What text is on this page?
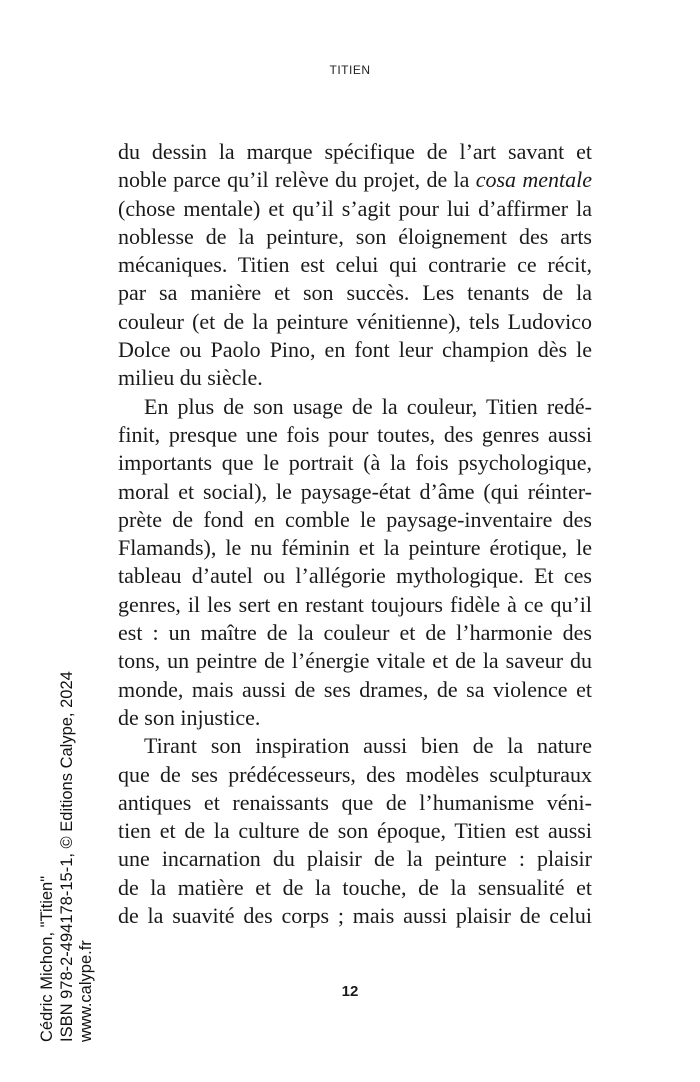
TITIEN
du dessin la marque spécifique de l’art savant et
noble parce qu’il relève du projet, de la cosa mentale
(chose mentale) et qu’il s’agit pour lui d’affirmer la
noblesse de la peinture, son éloignement des arts
mécaniques. Titien est celui qui contrarie ce récit,
par sa manière et son succès. Les tenants de la
couleur (et de la peinture vénitienne), tels Ludovico
Dolce ou Paolo Pino, en font leur champion dès le
milieu du siècle.
En plus de son usage de la couleur, Titien redé-
finit, presque une fois pour toutes, des genres aussi
importants que le portrait (à la fois psychologique,
moral et social), le paysage-état d’âme (qui réinter-
prète de fond en comble le paysage-inventaire des
Flamands), le nu féminin et la peinture érotique, le
tableau d’autel ou l’allégorie mythologique. Et ces
genres, il les sert en restant toujours fidèle à ce qu’il
est : un maître de la couleur et de l’harmonie des
tons, un peintre de l’énergie vitale et de la saveur du
monde, mais aussi de ses drames, de sa violence et
de son injustice.
Tirant son inspiration aussi bien de la nature
que de ses prédécesseurs, des modèles sculpturaux
antiques et renaissants que de l’humanisme véni-
tien et de la culture de son époque, Titien est aussi
une incarnation du plaisir de la peinture : plaisir
de la matière et de la touche, de la sensualité et
de la suavité des corps ; mais aussi plaisir de celui
12
Cédric Michon, "Titien" ISBN 978-2-494178-15-1, © Editions Calype, 2024 www.calype.fr
